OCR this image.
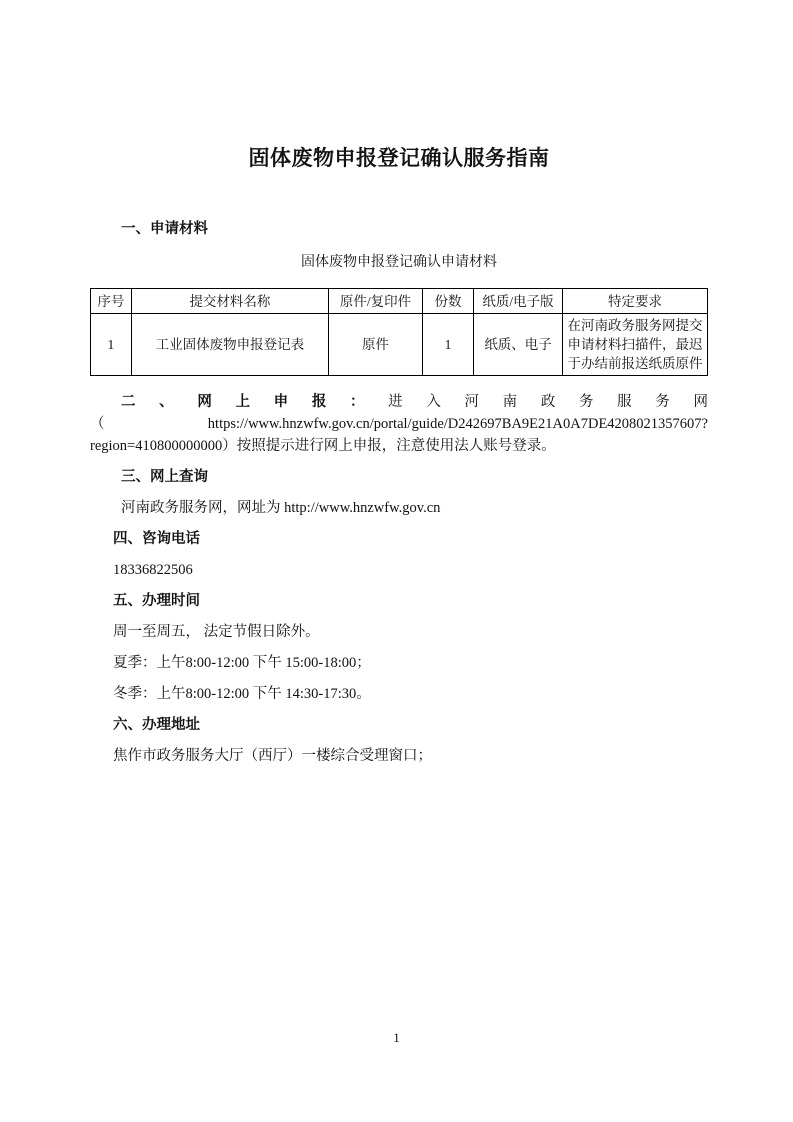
固体废物申报登记确认服务指南

一、申请材料

固体废物申报登记确认申请材料

序号	提交材料名称	原件/复印件	份数	纸质/电子版	特定要求
1	工业固体废物申报登记表	原件	1	纸质、电子	在河南政务服务网提交申请材料扫描件，最迟于办结前报送纸质原件

二、网上申报：进入河南政务服务网（https://www.hnzwfw.gov.cn/portal/guide/D242697BA9E21A0A7DE4208021357607?region=410800000000）按照提示进行网上申报，注意使用法人账号登录。

三、网上查询

河南政务服务网，网址为 http://www.hnzwfw.gov.cn

四、咨询电话

18336822506

五、办理时间

周一至周五， 法定节假日除外。

夏季：上午8:00-12:00 下午 15:00-18:00；

冬季：上午8:00-12:00 下午 14:30-17:30。

六、办理地址

焦作市政务服务大厅（西厅）一楼综合受理窗口；

1
